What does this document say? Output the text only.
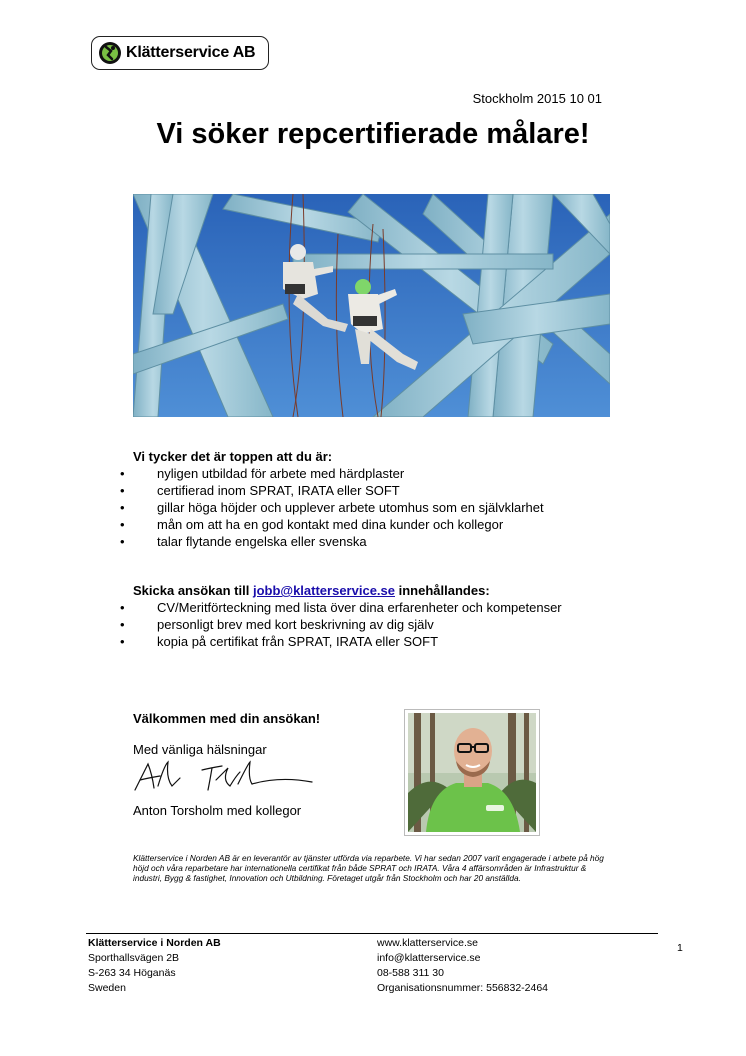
Klätterservice AB
Stockholm 2015 10 01
Vi söker repcertifierade målare!
Vi tycker det är toppen att du är:
• nyligen utbildad för arbete med härdplaster
• certifierad inom SPRAT, IRATA eller SOFT
• gillar höga höjder och upplever arbete utomhus som en självklarhet
• mån om att ha en god kontakt med dina kunder och kollegor
• talar flytande engelska eller svenska
Skicka ansökan till jobb@klatterservice.se innehållandes:
• CV/Meritförteckning med lista över dina erfarenheter och kompetenser
• personligt brev med kort beskrivning av dig själv
• kopia på certifikat från SPRAT, IRATA eller SOFT
Välkommen med din ansökan!
Med vänliga hälsningar
Anton Torsholm med kollegor
Klätterservice i Norden AB är en leverantör av tjänster utförda via reparbete. Vi har sedan 2007 varit engagerade i arbete på hög höjd och våra reparbetare har internationella certifikat från både SPRAT och IRATA. Våra 4 affärsområden är Infrastruktur & industri, Bygg & fastighet, Innovation och Utbildning. Företaget utgår från Stockholm och har 20 anställda.
Klätterservice i Norden AB
Sporthallsvägen 2B
S-263 34 Höganäs
Sweden
www.klatterservice.se
info@klatterservice.se
08-588 311 30
Organisationsnummer: 556832-2464
1
